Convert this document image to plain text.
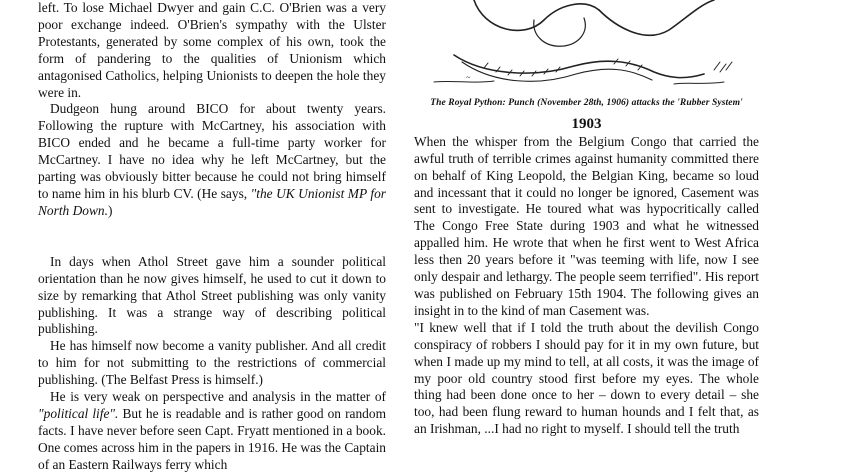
left. To lose Michael Dwyer and gain C.C. O'Brien was a very poor exchange indeed. O'Brien's sympathy with the Ulster Protestants, generated by some complex of his own, took the form of pandering to the qualities of Unionism which antagonised Catholics, helping Unionists to deepen the hole they were in.

Dudgeon hung around BICO for about twenty years. Following the rupture with McCartney, his association with BICO ended and he became a full-time party worker for McCartney. I have no idea why he left McCartney, but the parting was obviously bitter because he could not bring himself to name him in his blurb CV. (He says, "the UK Unionist MP for North Down.)

In days when Athol Street gave him a sounder political orientation than he now gives himself, he used to cut it down to size by remarking that Athol Street publishing was only vanity publishing. It was a strange way of describing political publishing.

He has himself now become a vanity publisher. And all credit to him for not submitting to the restrictions of commercial publishing. (The Belfast Press is himself.)

He is very weak on perspective and analysis in the matter of "political life". But he is readable and is rather good on random facts. I have never before seen Capt. Fryatt mentioned in a book. One comes across him in the papers in 1916. He was the Captain of an Eastern Railways ferry which

~
The Royal Python: Punch (November 28th, 1906) attacks the 'Rubber System'
1903

When the whisper from the Belgium Congo that carried the awful truth of terrible crimes against humanity committed there on behalf of King Leopold, the Belgian King, became so loud and incessant that it could no longer be ignored, Casement was sent to investigate. He toured what was hypocritically called The Congo Free State during 1903 and what he witnessed appalled him. He wrote that when he first went to West Africa less then 20 years before it "was teeming with life, now I see only despair and lethargy. The people seem terrified". His report was published on February 15th 1904. The following gives an insight in to the kind of man Casement was.

"I knew well that if I told the truth about the devilish Congo conspiracy of robbers I should pay for it in my own future, but when I made up my mind to tell, at all costs, it was the image of my poor old country stood first before my eyes. The whole thing had been done once to her – down to every detail – she too, had been flung reward to human hounds and I felt that, as an Irishman, ...I had no right to myself. I should tell the truth
